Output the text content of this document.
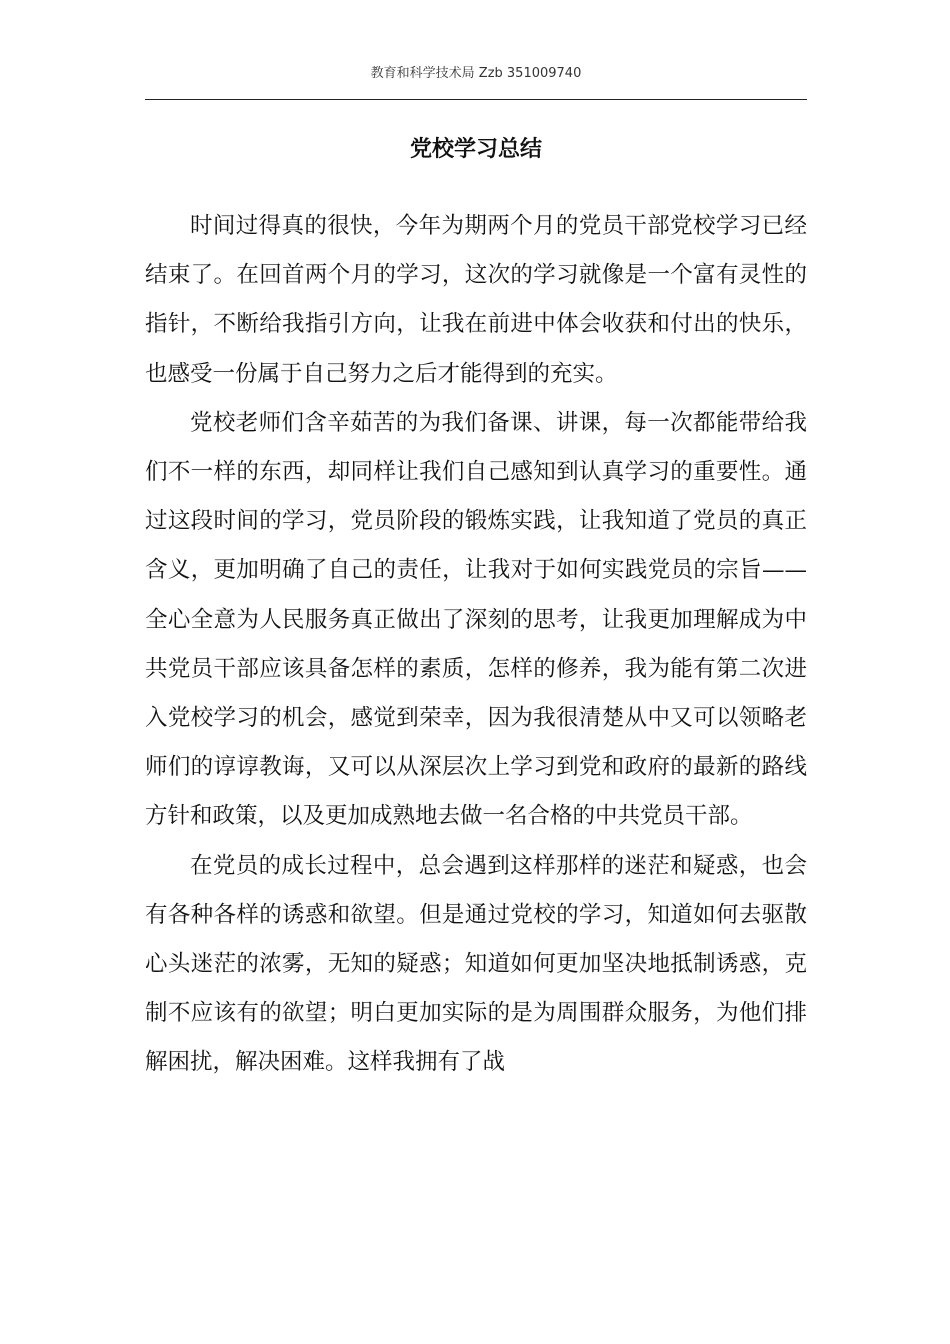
教育和科学技术局 Zzb 351009740
党校学习总结

时间过得真的很快，今年为期两个月的党员干部党校学习已经结束了。在回首两个月的学习，这次的学习就像是一个富有灵性的指针，不断给我指引方向，让我在前进中体会收获和付出的快乐，也感受一份属于自己努力之后才能得到的充实。

党校老师们含辛茹苦的为我们备课、讲课，每一次都能带给我们不一样的东西，却同样让我们自己感知到认真学习的重要性。通过这段时间的学习，党员阶段的锻炼实践，让我知道了党员的真正含义，更加明确了自己的责任，让我对于如何实践党员的宗旨——全心全意为人民服务真正做出了深刻的思考，让我更加理解成为中共党员干部应该具备怎样的素质，怎样的修养，我为能有第二次进入党校学习的机会，感觉到荣幸，因为我很清楚从中又可以领略老师们的谆谆教诲，又可以从深层次上学习到党和政府的最新的路线方针和政策，以及更加成熟地去做一名合格的中共党员干部。

在党员的成长过程中，总会遇到这样那样的迷茫和疑惑，也会有各种各样的诱惑和欲望。但是通过党校的学习，知道如何去驱散心头迷茫的浓雾，无知的疑惑；知道如何更加坚决地抵制诱惑，克制不应该有的欲望；明白更加实际的是为周围群众服务，为他们排解困扰，解决困难。这样我拥有了战
